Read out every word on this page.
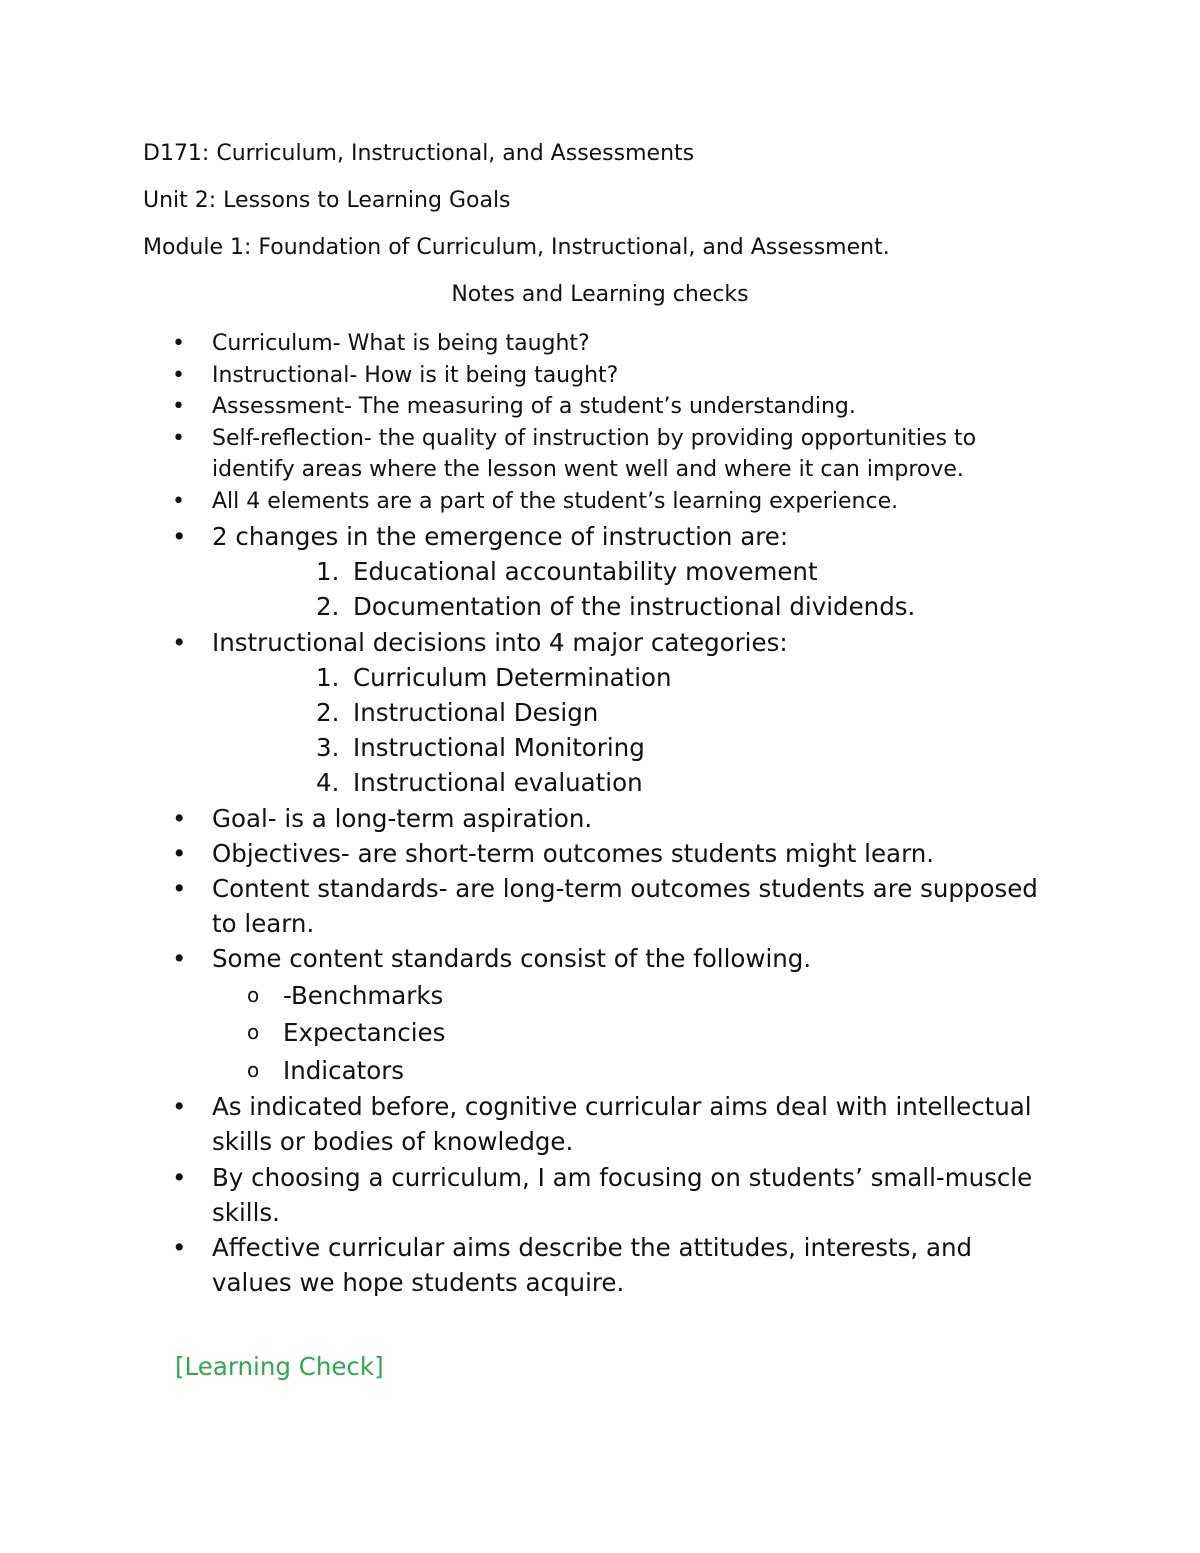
D171: Curriculum, Instructional, and Assessments
Unit 2: Lessons to Learning Goals
Module 1: Foundation of Curriculum, Instructional, and Assessment.
Notes and Learning checks
• Curriculum- What is being taught?
• Instructional- How is it being taught?
• Assessment- The measuring of a student’s understanding.
• Self-reflection- the quality of instruction by providing opportunities to identify areas where the lesson went well and where it can improve.
• All 4 elements are a part of the student’s learning experience.
• 2 changes in the emergence of instruction are:
1. Educational accountability movement
2. Documentation of the instructional dividends.
• Instructional decisions into 4 major categories:
1. Curriculum Determination
2. Instructional Design
3. Instructional Monitoring
4. Instructional evaluation
• Goal- is a long-term aspiration.
• Objectives- are short-term outcomes students might learn.
• Content standards- are long-term outcomes students are supposed to learn.
• Some content standards consist of the following.
o -Benchmarks
o Expectancies
o Indicators
• As indicated before, cognitive curricular aims deal with intellectual skills or bodies of knowledge.
• By choosing a curriculum, I am focusing on students’ small-muscle skills.
• Affective curricular aims describe the attitudes, interests, and values we hope students acquire.
[Learning Check]
